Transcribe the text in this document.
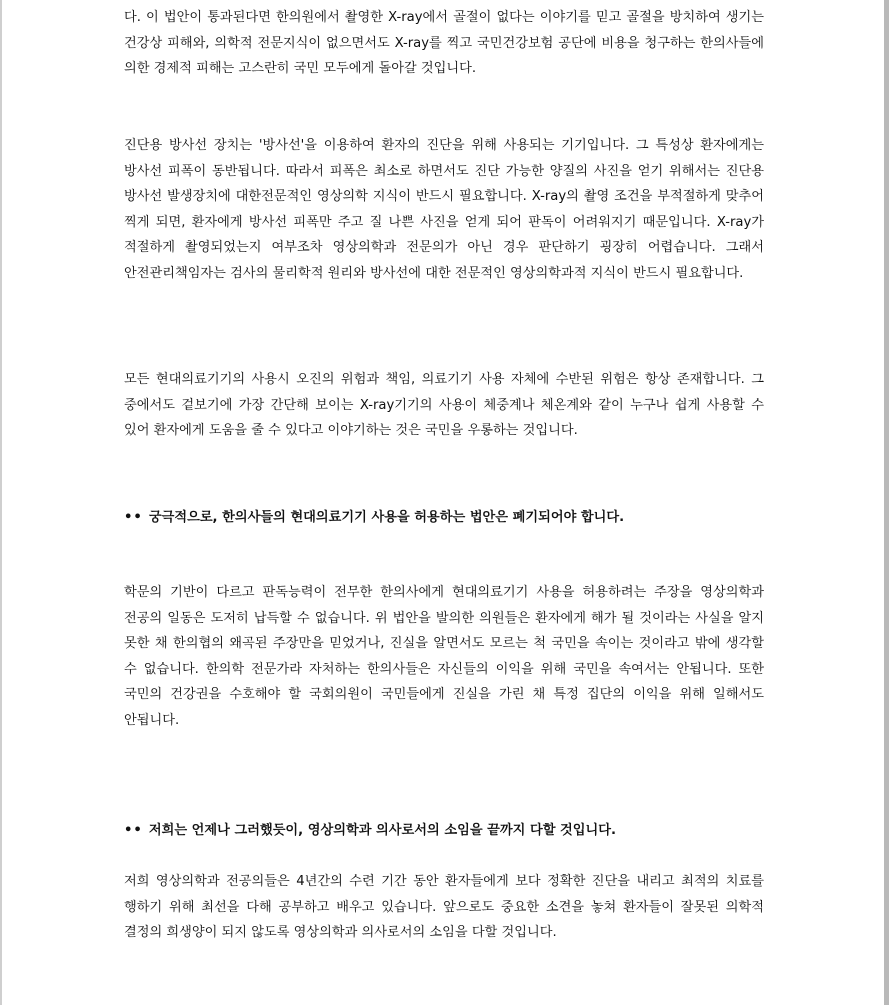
다. 이 법안이 통과된다면 한의원에서 촬영한 X-ray에서 골절이 없다는 이야기를 믿고 골절을 방치하여 생기는 건강상 피해와, 의학적 전문지식이 없으면서도 X-ray를 찍고 국민건강보험 공단에 비용을 청구하는 한의사들에 의한 경제적 피해는 고스란히 국민 모두에게 돌아갈 것입니다.

진단용 방사선 장치는 '방사선'을 이용하여 환자의 진단을 위해 사용되는 기기입니다. 그 특성상 환자에게는 방사선 피폭이 동반됩니다. 따라서 피폭은 최소로 하면서도 진단 가능한 양질의 사진을 얻기 위해서는 진단용 방사선 발생장치에 대한전문적인 영상의학 지식이 반드시 필요합니다. X-ray의 촬영 조건을 부적절하게 맞추어 찍게 되면, 환자에게 방사선 피폭만 주고 질 나쁜 사진을 얻게 되어 판독이 어려워지기 때문입니다. X-ray가 적절하게 촬영되었는지 여부조차 영상의학과 전문의가 아닌 경우 판단하기 굉장히 어렵습니다. 그래서 안전관리책임자는 검사의 물리학적 원리와 방사선에 대한 전문적인 영상의학과적 지식이 반드시 필요합니다.

모든 현대의료기기의 사용시 오진의 위험과 책임, 의료기기 사용 자체에 수반된 위험은 항상 존재합니다. 그 중에서도 겉보기에 가장 간단해 보이는 X-ray기기의 사용이 체중계나 체온계와 같이 누구나 쉽게 사용할 수 있어 환자에게 도움을 줄 수 있다고 이야기하는 것은 국민을 우롱하는 것입니다.

•• 궁극적으로, 한의사들의 현대의료기기 사용을 허용하는 법안은 폐기되어야 합니다.

학문의 기반이 다르고 판독능력이 전무한 한의사에게 현대의료기기 사용을 허용하려는 주장을 영상의학과 전공의 일동은 도저히 납득할 수 없습니다. 위 법안을 발의한 의원들은 환자에게 해가 될 것이라는 사실을 알지 못한 채 한의협의 왜곡된 주장만을 믿었거나, 진실을 알면서도 모르는 척 국민을 속이는 것이라고 밖에 생각할 수 없습니다. 한의학 전문가라 자처하는 한의사들은 자신들의 이익을 위해 국민을 속여서는 안됩니다. 또한 국민의 건강권을 수호해야 할 국회의원이 국민들에게 진실을 가린 채 특정 집단의 이익을 위해 일해서도 안됩니다.

•• 저희는 언제나 그러했듯이, 영상의학과 의사로서의 소임을 끝까지 다할 것입니다.

저희 영상의학과 전공의들은 4년간의 수련 기간 동안 환자들에게 보다 정확한 진단을 내리고 최적의 치료를 행하기 위해 최선을 다해 공부하고 배우고 있습니다. 앞으로도 중요한 소견을 놓쳐 환자들이 잘못된 의학적 결정의 희생양이 되지 않도록 영상의학과 의사로서의 소임을 다할 것입니다.
